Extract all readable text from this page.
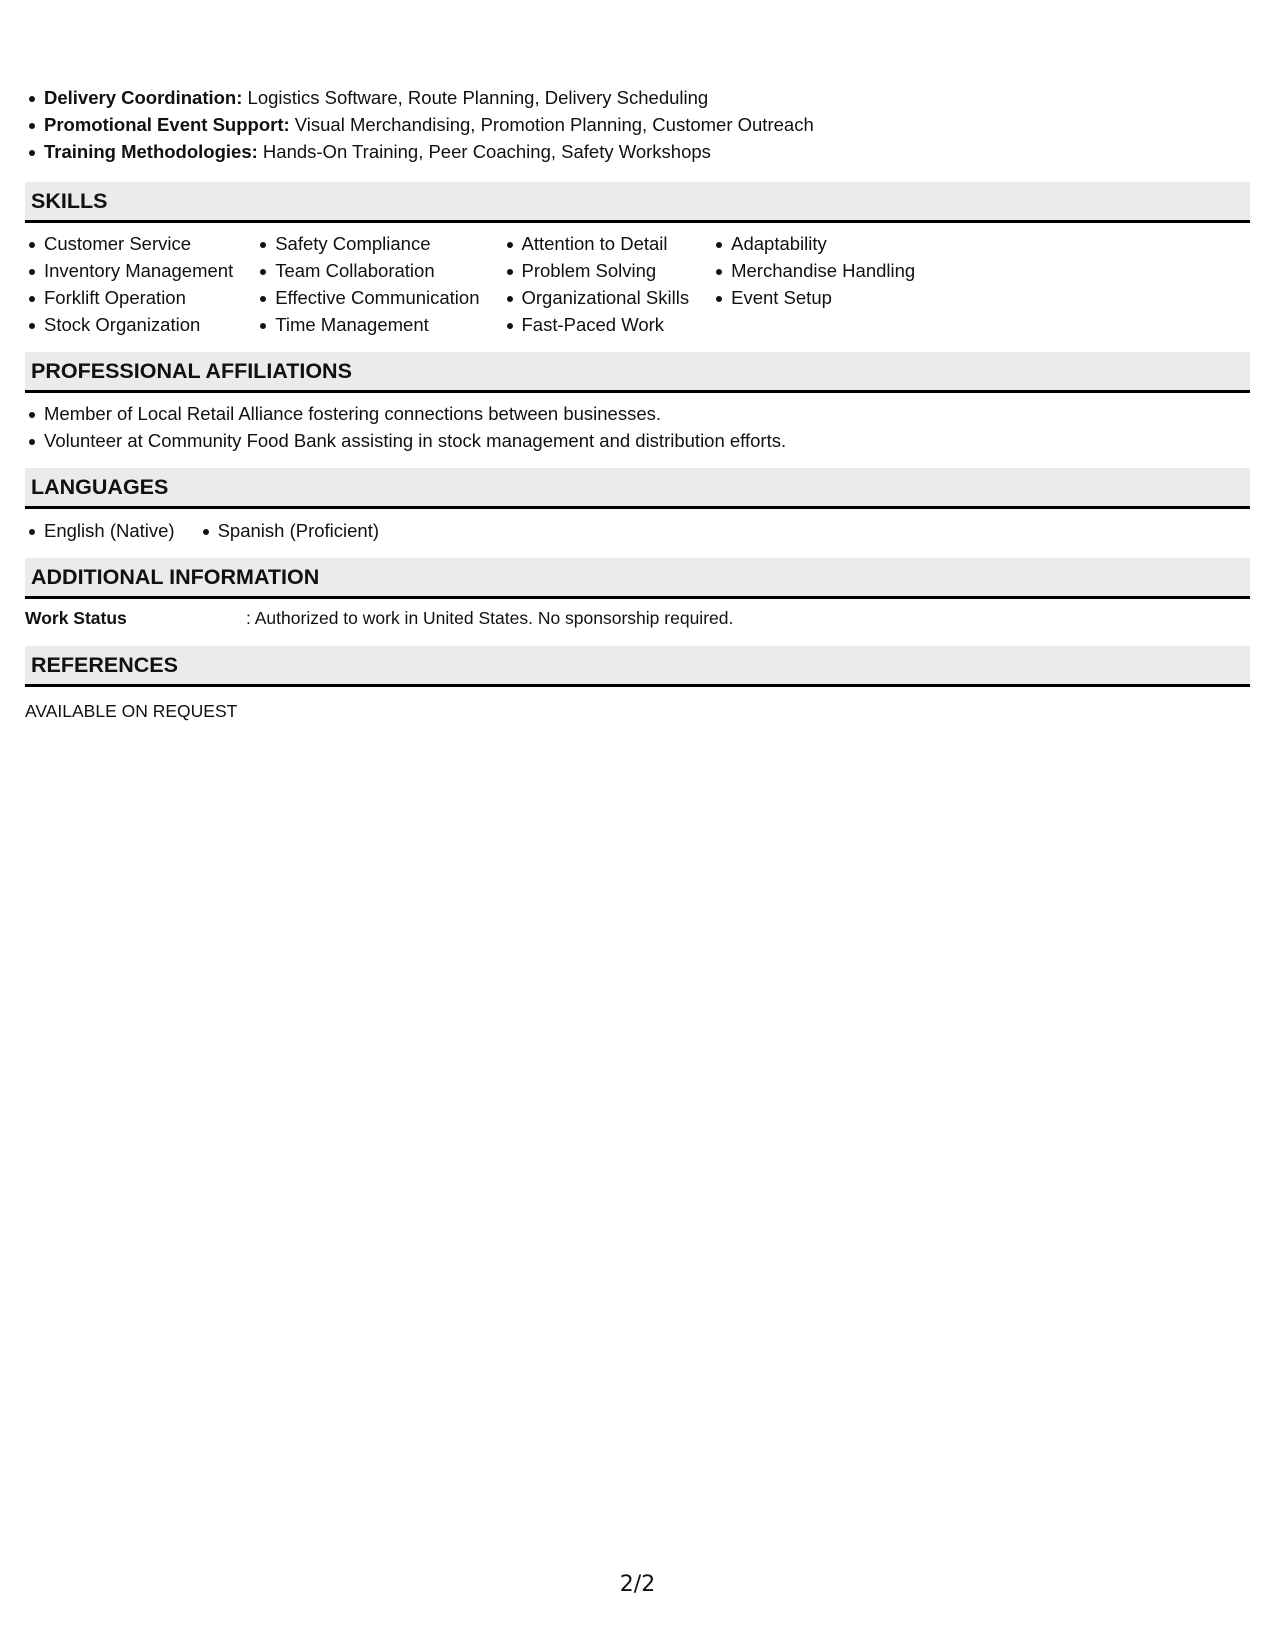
Delivery Coordination: Logistics Software, Route Planning, Delivery Scheduling
Promotional Event Support: Visual Merchandising, Promotion Planning, Customer Outreach
Training Methodologies: Hands-On Training, Peer Coaching, Safety Workshops
SKILLS
Customer Service
Inventory Management
Forklift Operation
Stock Organization
Safety Compliance
Team Collaboration
Effective Communication
Time Management
Attention to Detail
Problem Solving
Organizational Skills
Fast-Paced Work
Adaptability
Merchandise Handling
Event Setup
PROFESSIONAL AFFILIATIONS
Member of Local Retail Alliance fostering connections between businesses.
Volunteer at Community Food Bank assisting in stock management and distribution efforts.
LANGUAGES
English (Native)	Spanish (Proficient)
ADDITIONAL INFORMATION
Work Status	: Authorized to work in United States. No sponsorship required.
REFERENCES
AVAILABLE ON REQUEST
2/2
